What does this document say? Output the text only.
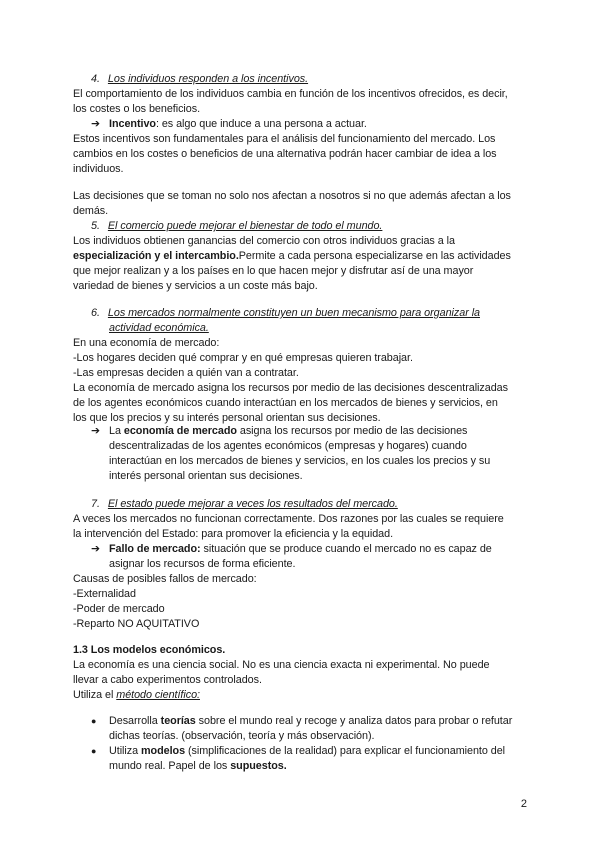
4. Los individuos responden a los incentivos.
El comportamiento de los individuos cambia en función de los incentivos ofrecidos, es decir,
los costes o los beneficios.
➔ Incentivo: es algo que induce a una persona a actuar.
Estos incentivos son fundamentales para el análisis del funcionamiento del mercado. Los
cambios en los costes o beneficios de una alternativa podrán hacer cambiar de idea a los
individuos.
Las decisiones que se toman no solo nos afectan a nosotros si no que además afectan a los
demás.
5. El comercio puede mejorar el bienestar de todo el mundo.
Los individuos obtienen ganancias del comercio con otros individuos gracias a la
especialización y el intercambio.Permite a cada persona especializarse en las actividades
que mejor realizan y a los países en lo que hacen mejor y disfrutar así de una mayor
variedad de bienes y servicios a un coste más bajo.
6. Los mercados normalmente constituyen un buen mecanismo para organizar la
actividad económica.
En una economía de mercado:
-Los hogares deciden qué comprar y en qué empresas quieren trabajar.
-Las empresas deciden a quién van a contratar.
La economía de mercado asigna los recursos por medio de las decisiones descentralizadas
de los agentes económicos cuando interactúan en los mercados de bienes y servicios, en
los que los precios y su interés personal orientan sus decisiones.
➔ La economía de mercado asigna los recursos por medio de las decisiones
descentralizadas de los agentes económicos (empresas y hogares) cuando
interactúan en los mercados de bienes y servicios, en los cuales los precios y su
interés personal orientan sus decisiones.
7. El estado puede mejorar a veces los resultados del mercado.
A veces los mercados no funcionan correctamente. Dos razones por las cuales se requiere
la intervención del Estado: para promover la eficiencia y la equidad.
➔ Fallo de mercado: situación que se produce cuando el mercado no es capaz de
asignar los recursos de forma eficiente.
Causas de posibles fallos de mercado:
-Externalidad
-Poder de mercado
-Reparto NO AQUITATIVO
1.3 Los modelos económicos.
La economía es una ciencia social. No es una ciencia exacta ni experimental. No puede
llevar a cabo experimentos controlados.
Utiliza el método científico:
● Desarrolla teorías sobre el mundo real y recoge y analiza datos para probar o refutar
dichas teorías. (observación, teoría y más observación).
● Utiliza modelos (simplificaciones de la realidad) para explicar el funcionamiento del
mundo real. Papel de los supuestos.
2
